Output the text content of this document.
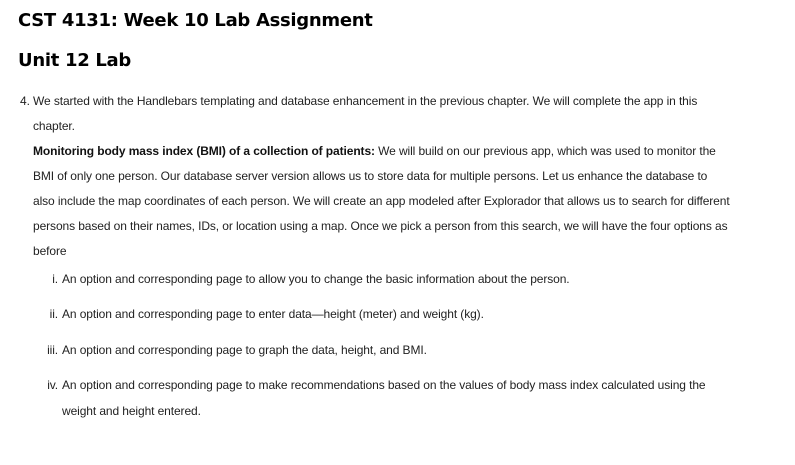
CST 4131: Week 10 Lab Assignment
Unit 12 Lab
4. We started with the Handlebars templating and database enhancement in the previous chapter. We will complete the app in this chapter.

Monitoring body mass index (BMI) of a collection of patients: We will build on our previous app, which was used to monitor the BMI of only one person. Our database server version allows us to store data for multiple persons. Let us enhance the database to also include the map coordinates of each person. We will create an app modeled after Explorador that allows us to search for different persons based on their names, IDs, or location using a map. Once we pick a person from this search, we will have the four options as before

i. An option and corresponding page to allow you to change the basic information about the person.
ii. An option and corresponding page to enter data—height (meter) and weight (kg).
iii. An option and corresponding page to graph the data, height, and BMI.
iv. An option and corresponding page to make recommendations based on the values of body mass index calculated using the weight and height entered.
